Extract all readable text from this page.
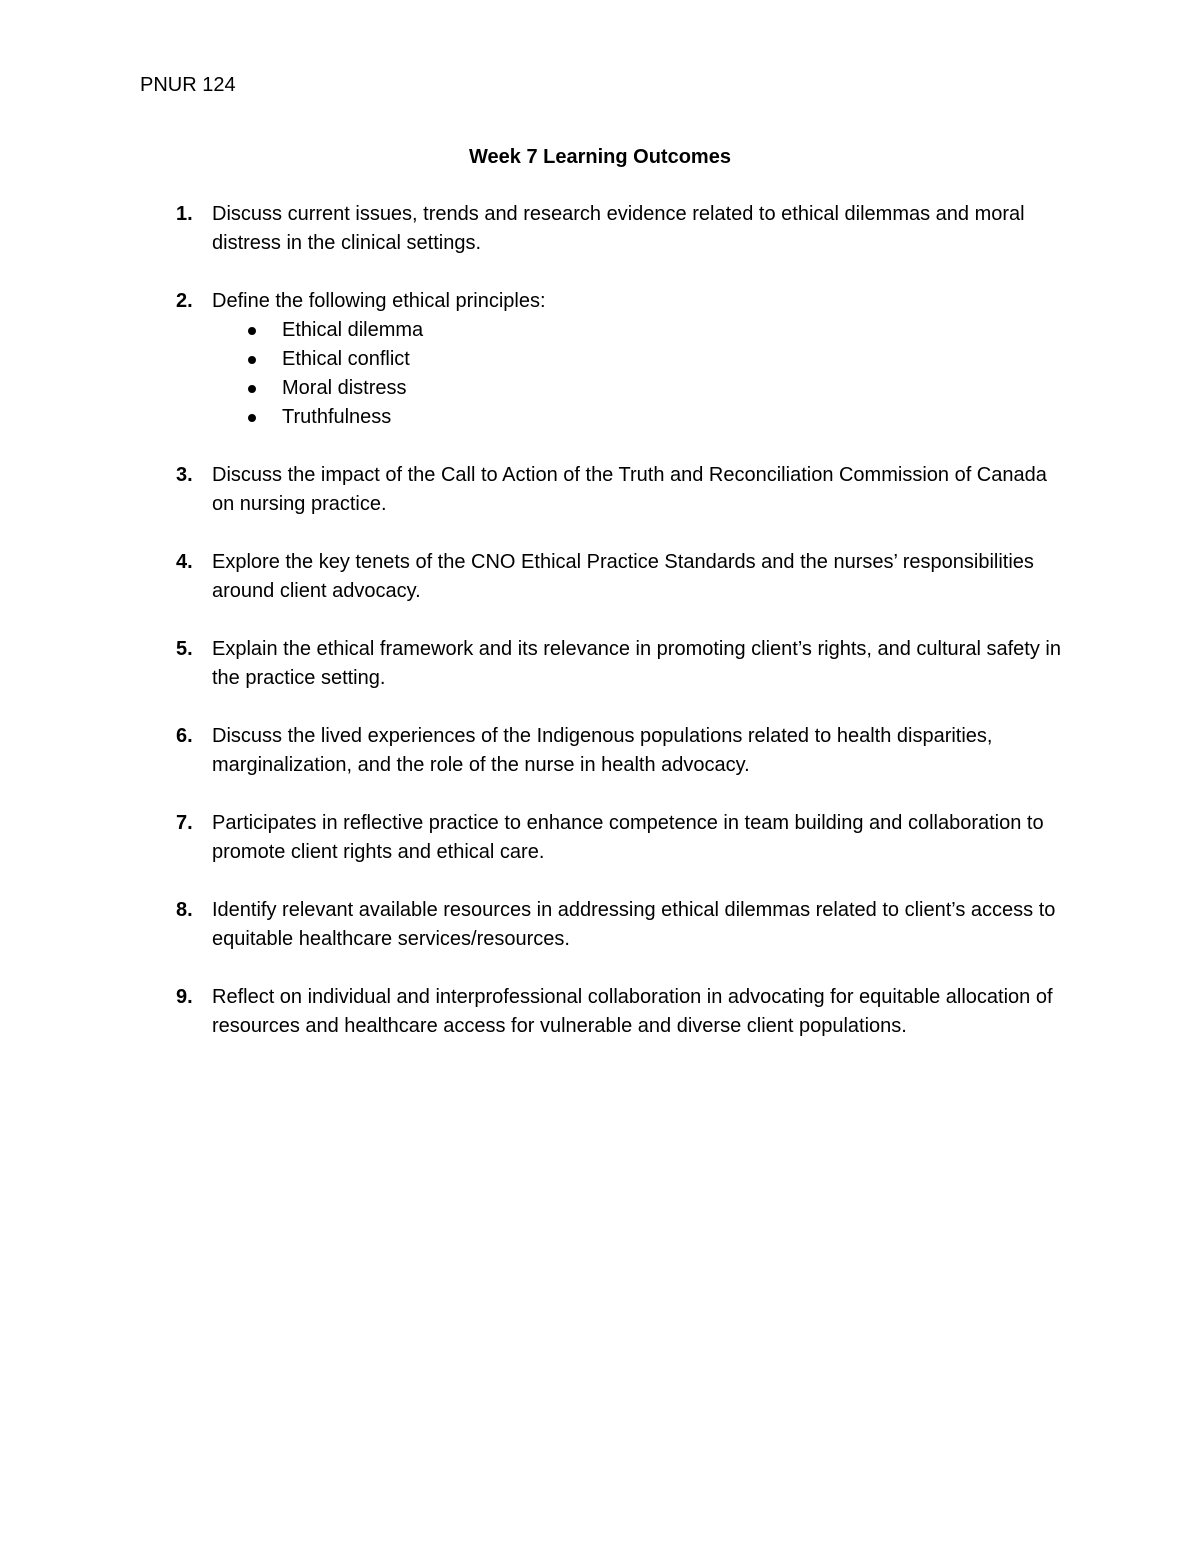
PNUR 124
Week 7 Learning Outcomes
1. Discuss current issues, trends and research evidence related to ethical dilemmas and moral distress in the clinical settings.
2. Define the following ethical principles:
Ethical dilemma
Ethical conflict
Moral distress
Truthfulness
3. Discuss the impact of the Call to Action of the Truth and Reconciliation Commission of Canada on nursing practice.
4. Explore the key tenets of the CNO Ethical Practice Standards and the nurses’ responsibilities around client advocacy.
5. Explain the ethical framework and its relevance in promoting client’s rights, and cultural safety in the practice setting.
6. Discuss the lived experiences of the Indigenous populations related to health disparities, marginalization, and the role of the nurse in health advocacy.
7. Participates in reflective practice to enhance competence in team building and collaboration to promote client rights and ethical care.
8. Identify relevant available resources in addressing ethical dilemmas related to client’s access to equitable healthcare services/resources.
9. Reflect on individual and interprofessional collaboration in advocating for equitable allocation of resources and healthcare access for vulnerable and diverse client populations.
